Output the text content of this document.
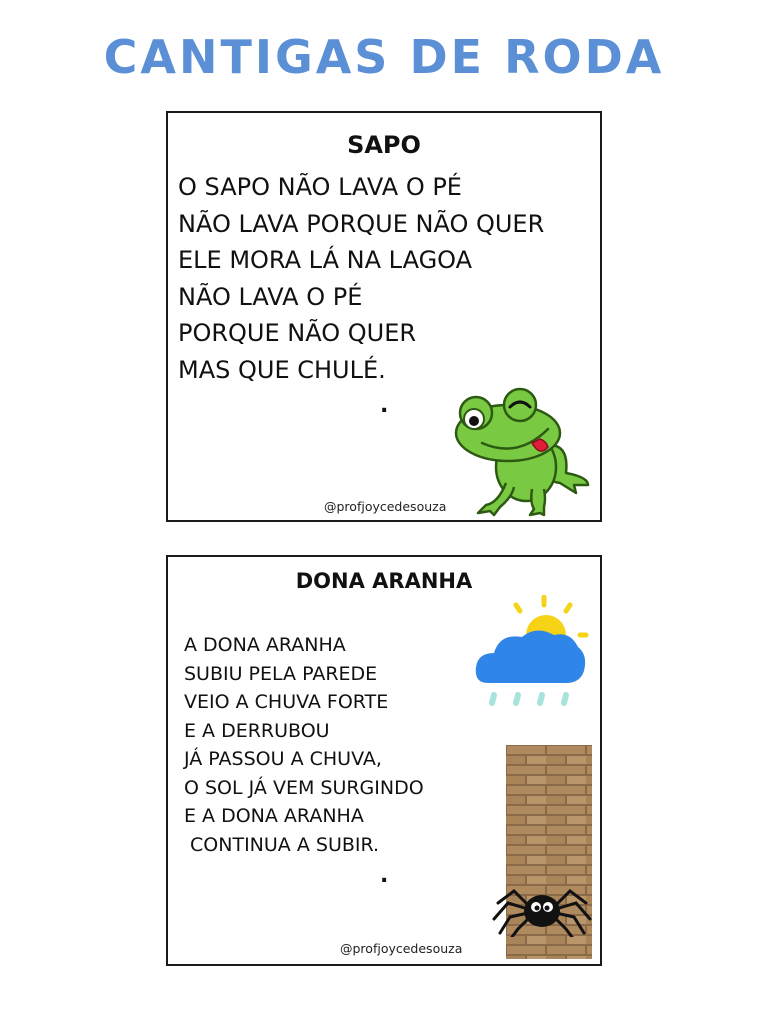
CANTIGAS DE RODA
SAPO
O SAPO NÃO LAVA O PÉ
NÃO LAVA PORQUE NÃO QUER
ELE MORA LÁ NA LAGOA
NÃO LAVA O PÉ
PORQUE NÃO QUER
MAS QUE CHULÉ.
.
@profjoycedesouza
DONA ARANHA
A DONA ARANHA
SUBIU PELA PAREDE
VEIO A CHUVA FORTE
E A DERRUBOU
JÁ PASSOU A CHUVA,
O SOL JÁ VEM SURGINDO
E A DONA ARANHA
CONTINUA A SUBIR.
.
@profjoycedesouza
